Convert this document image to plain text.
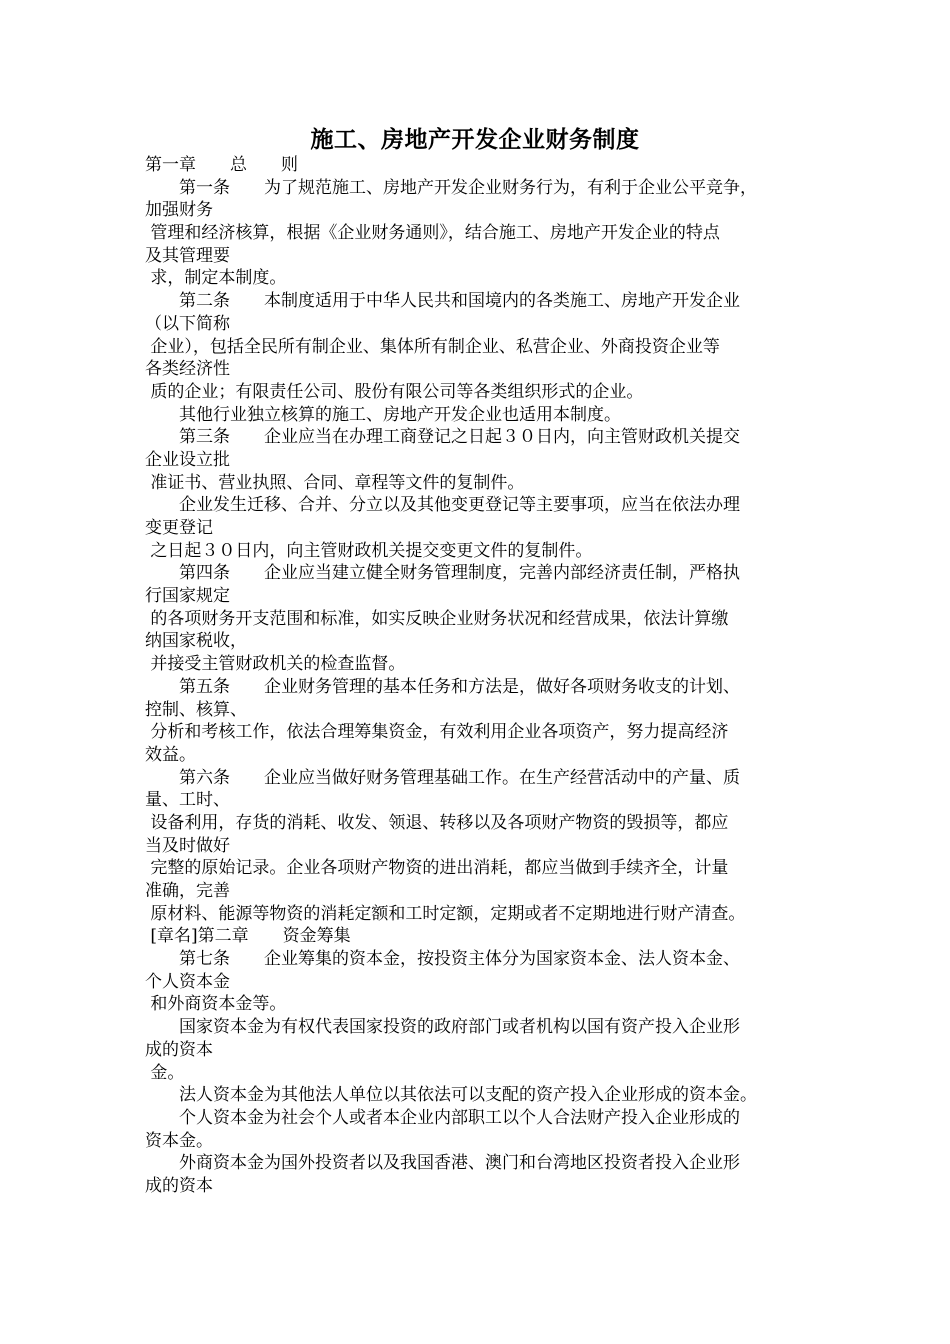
施工、房地产开发企业财务制度
第一章　　总　　则
　　第一条　　为了规范施工、房地产开发企业财务行为，有利于企业公平竞争，
加强财务
管理和经济核算，根据《企业财务通则》，结合施工、房地产开发企业的特点
及其管理要
求，制定本制度。
　　第二条　　本制度适用于中华人民共和国境内的各类施工、房地产开发企业
（以下简称
企业），包括全民所有制企业、集体所有制企业、私营企业、外商投资企业等
各类经济性
质的企业；有限责任公司、股份有限公司等各类组织形式的企业。
　　其他行业独立核算的施工、房地产开发企业也适用本制度。
　　第三条　　企业应当在办理工商登记之日起３０日内，向主管财政机关提交
企业设立批
准证书、营业执照、合同、章程等文件的复制件。
　　企业发生迁移、合并、分立以及其他变更登记等主要事项，应当在依法办理
变更登记
之日起３０日内，向主管财政机关提交变更文件的复制件。
　　第四条　　企业应当建立健全财务管理制度，完善内部经济责任制，严格执
行国家规定
的各项财务开支范围和标准，如实反映企业财务状况和经营成果，依法计算缴
纳国家税收，
并接受主管财政机关的检查监督。
　　第五条　　企业财务管理的基本任务和方法是，做好各项财务收支的计划、
控制、核算、
分析和考核工作，依法合理筹集资金，有效利用企业各项资产，努力提高经济
效益。
　　第六条　　企业应当做好财务管理基础工作。在生产经营活动中的产量、质
量、工时、
设备利用，存货的消耗、收发、领退、转移以及各项财产物资的毁损等，都应
当及时做好
完整的原始记录。企业各项财产物资的进出消耗，都应当做到手续齐全，计量
准确，完善
原材料、能源等物资的消耗定额和工时定额，定期或者不定期地进行财产清查。
[章名]第二章　　资金筹集
　　第七条　　企业筹集的资本金，按投资主体分为国家资本金、法人资本金、
个人资本金
和外商资本金等。
　　国家资本金为有权代表国家投资的政府部门或者机构以国有资产投入企业形
成的资本
金。
　　法人资本金为其他法人单位以其依法可以支配的资产投入企业形成的资本金。
　　个人资本金为社会个人或者本企业内部职工以个人合法财产投入企业形成的
资本金。
　　外商资本金为国外投资者以及我国香港、澳门和台湾地区投资者投入企业形
成的资本
